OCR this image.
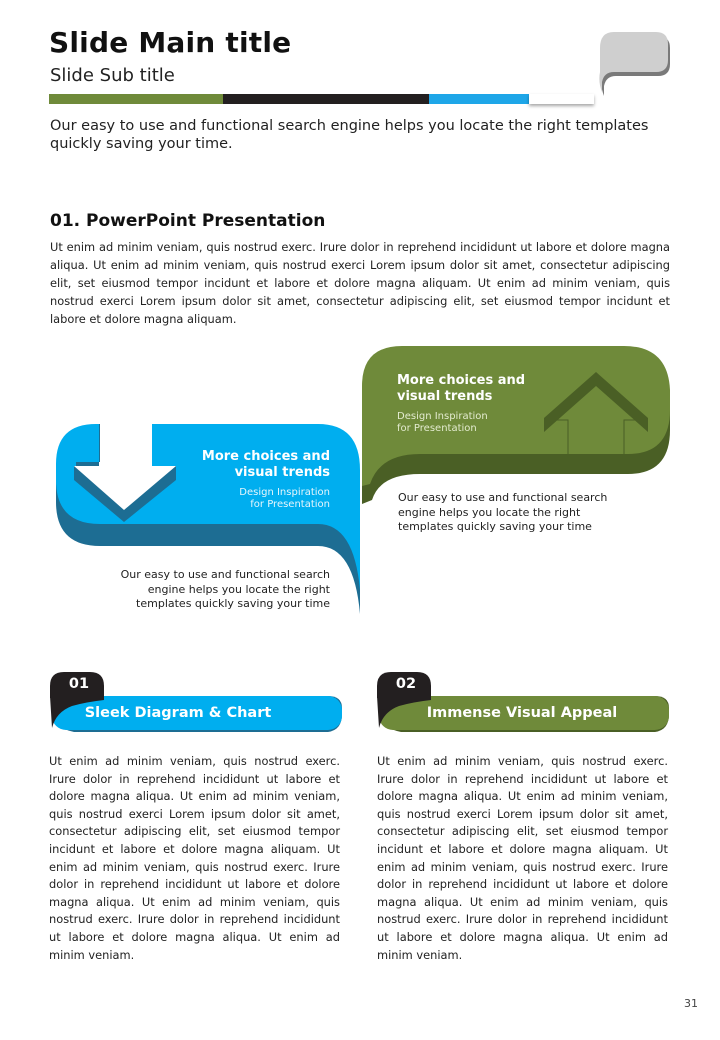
Slide Main title
Slide Sub title
Our easy to use and functional search engine helps you locate the right templates quickly saving your time.
01. PowerPoint Presentation
Ut enim ad minim veniam, quis nostrud exerc. Irure dolor in reprehend incididunt ut labore et dolore magna aliqua. Ut enim ad minim veniam, quis nostrud exerci Lorem ipsum dolor sit amet, consectetur adipiscing elit, set eiusmod tempor incidunt et labore et dolore magna aliquam. Ut enim ad minim veniam, quis nostrud exerci Lorem ipsum dolor sit amet, consectetur adipiscing elit, set eiusmod tempor incidunt et labore et dolore magna aliquam.
More choices and
visual trends
Design Inspiration
for Presentation
More choices and
visual trends
Design Inspiration
for Presentation
Our easy to use and functional search
engine helps you locate the right
templates quickly saving your time
Our easy to use and functional search
engine helps you locate the right
templates quickly saving your time
01
Sleek Diagram & Chart
Ut enim ad minim veniam, quis nostrud exerc. Irure dolor in reprehend incididunt ut labore et dolore magna aliqua. Ut enim ad minim veniam, quis nostrud exerci Lorem ipsum dolor sit amet, consectetur adipiscing elit, set eiusmod tempor incidunt et labore et dolore magna aliquam. Ut enim ad minim veniam, quis nostrud exerc. Irure dolor in reprehend incididunt ut labore et dolore magna aliqua. Ut enim ad minim veniam, quis nostrud exerc. Irure dolor in reprehend incididunt ut labore et dolore magna aliqua. Ut enim ad minim veniam.
02
Immense Visual Appeal
Ut enim ad minim veniam, quis nostrud exerc. Irure dolor in reprehend incididunt ut labore et dolore magna aliqua. Ut enim ad minim veniam, quis nostrud exerci Lorem ipsum dolor sit amet, consectetur adipiscing elit, set eiusmod tempor incidunt et labore et dolore magna aliquam. Ut enim ad minim veniam, quis nostrud exerc. Irure dolor in reprehend incididunt ut labore et dolore magna aliqua. Ut enim ad minim veniam, quis nostrud exerc. Irure dolor in reprehend incididunt ut labore et dolore magna aliqua. Ut enim ad minim veniam.
31
